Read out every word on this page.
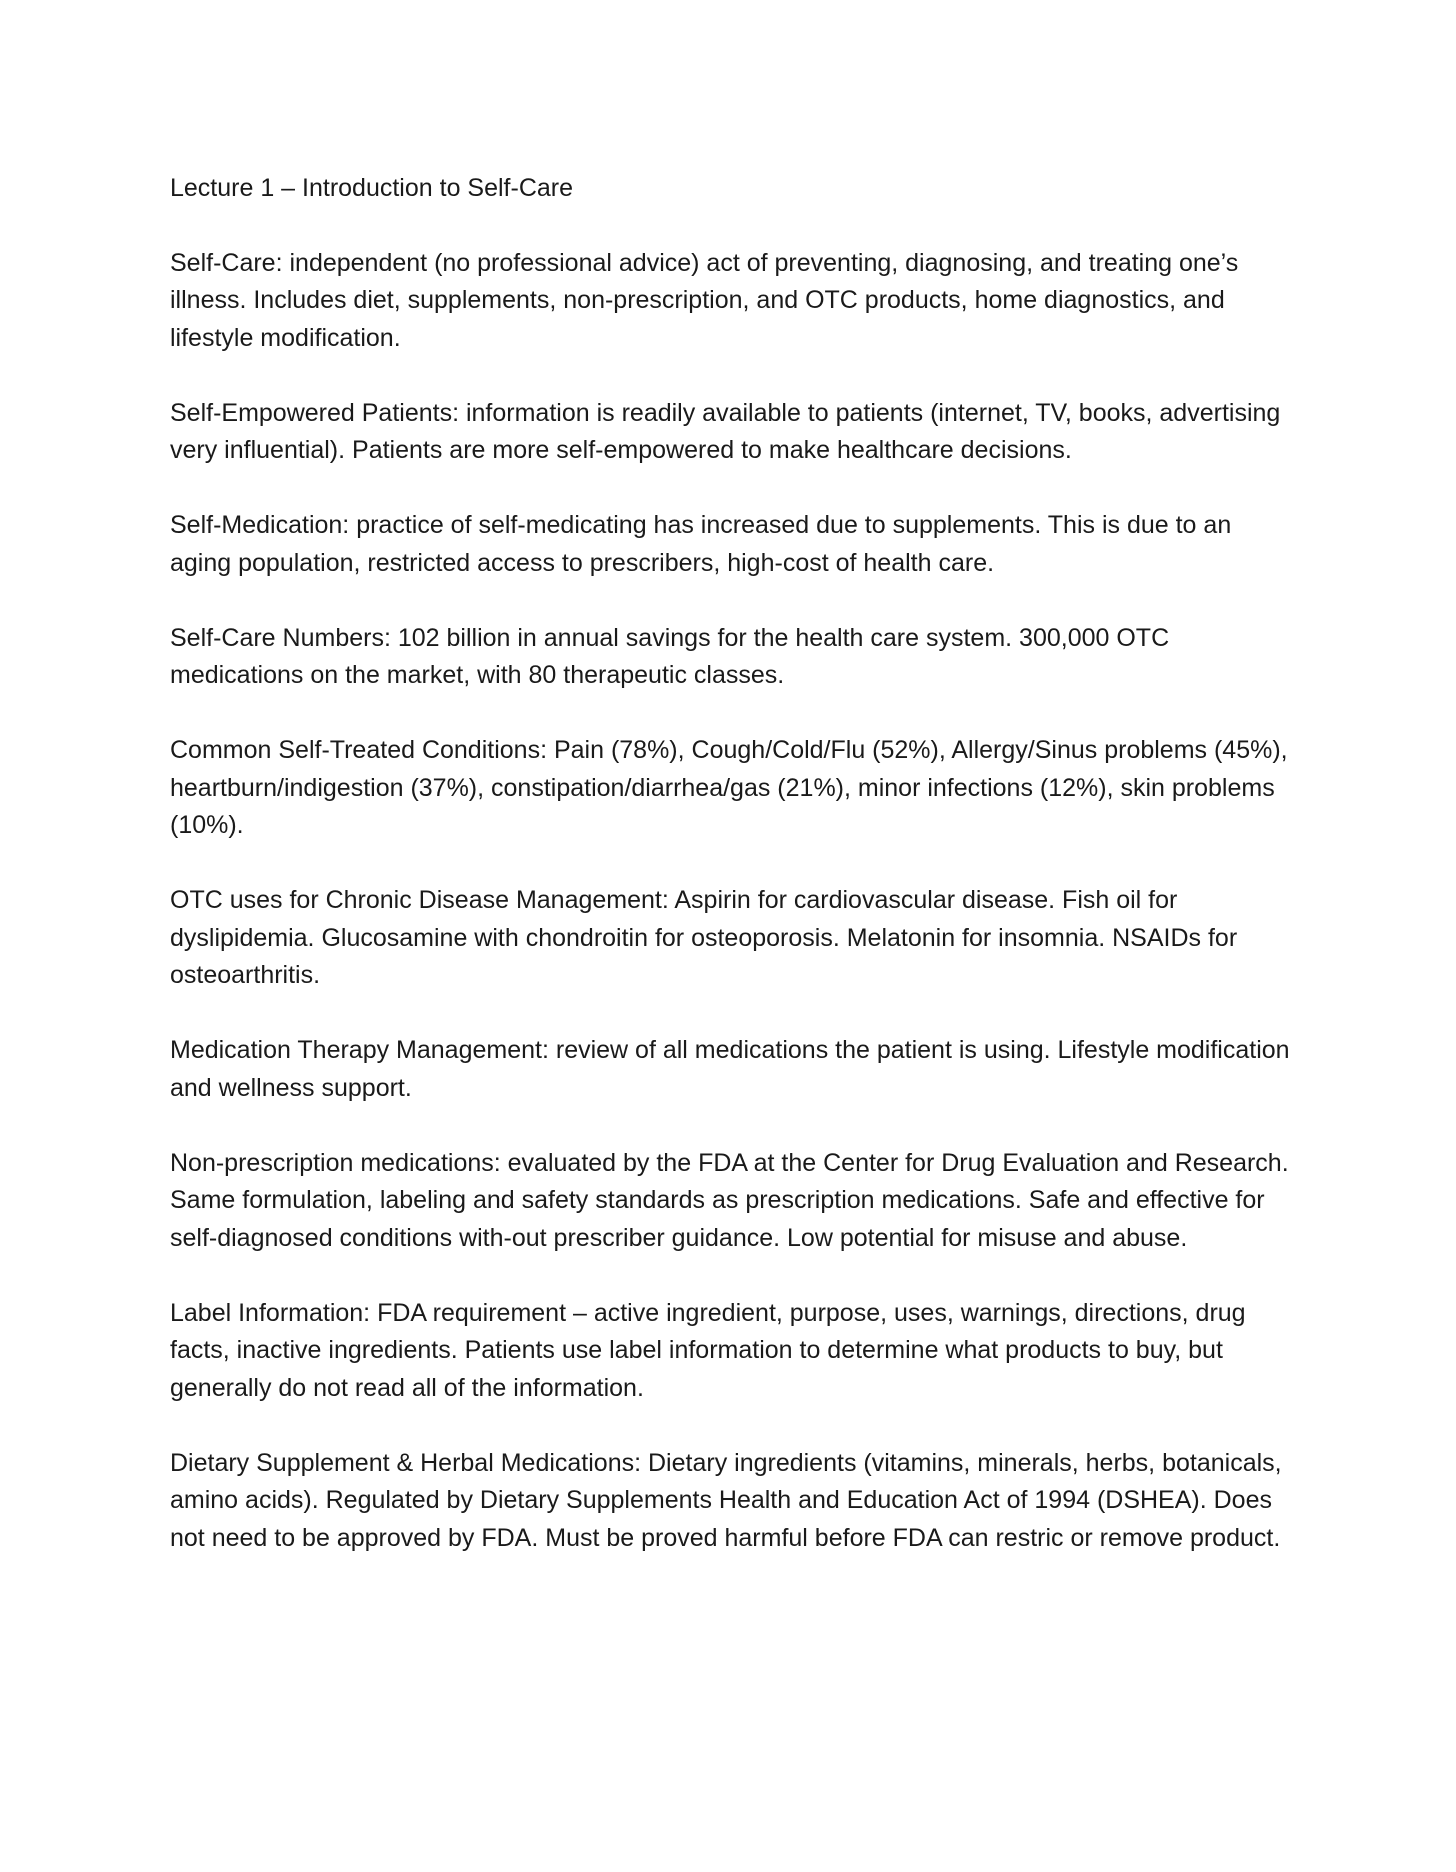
Lecture 1 – Introduction to Self-Care

Self-Care: independent (no professional advice) act of preventing, diagnosing, and treating one’s illness. Includes diet, supplements, non-prescription, and OTC products, home diagnostics, and lifestyle modification.

Self-Empowered Patients: information is readily available to patients (internet, TV, books, advertising very influential). Patients are more self-empowered to make healthcare decisions.

Self-Medication: practice of self-medicating has increased due to supplements. This is due to an aging population, restricted access to prescribers, high-cost of health care.

Self-Care Numbers: 102 billion in annual savings for the health care system. 300,000 OTC medications on the market, with 80 therapeutic classes.

Common Self-Treated Conditions: Pain (78%), Cough/Cold/Flu (52%), Allergy/Sinus problems (45%), heartburn/indigestion (37%), constipation/diarrhea/gas (21%), minor infections (12%), skin problems (10%).

OTC uses for Chronic Disease Management: Aspirin for cardiovascular disease. Fish oil for dyslipidemia. Glucosamine with chondroitin for osteoporosis. Melatonin for insomnia. NSAIDs for osteoarthritis.

Medication Therapy Management: review of all medications the patient is using. Lifestyle modification and wellness support.

Non-prescription medications: evaluated by the FDA at the Center for Drug Evaluation and Research. Same formulation, labeling and safety standards as prescription medications. Safe and effective for self-diagnosed conditions with-out prescriber guidance. Low potential for misuse and abuse.

Label Information: FDA requirement – active ingredient, purpose, uses, warnings, directions, drug facts, inactive ingredients. Patients use label information to determine what products to buy, but generally do not read all of the information.

Dietary Supplement & Herbal Medications: Dietary ingredients (vitamins, minerals, herbs, botanicals, amino acids). Regulated by Dietary Supplements Health and Education Act of 1994 (DSHEA). Does not need to be approved by FDA. Must be proved harmful before FDA can restric or remove product.
